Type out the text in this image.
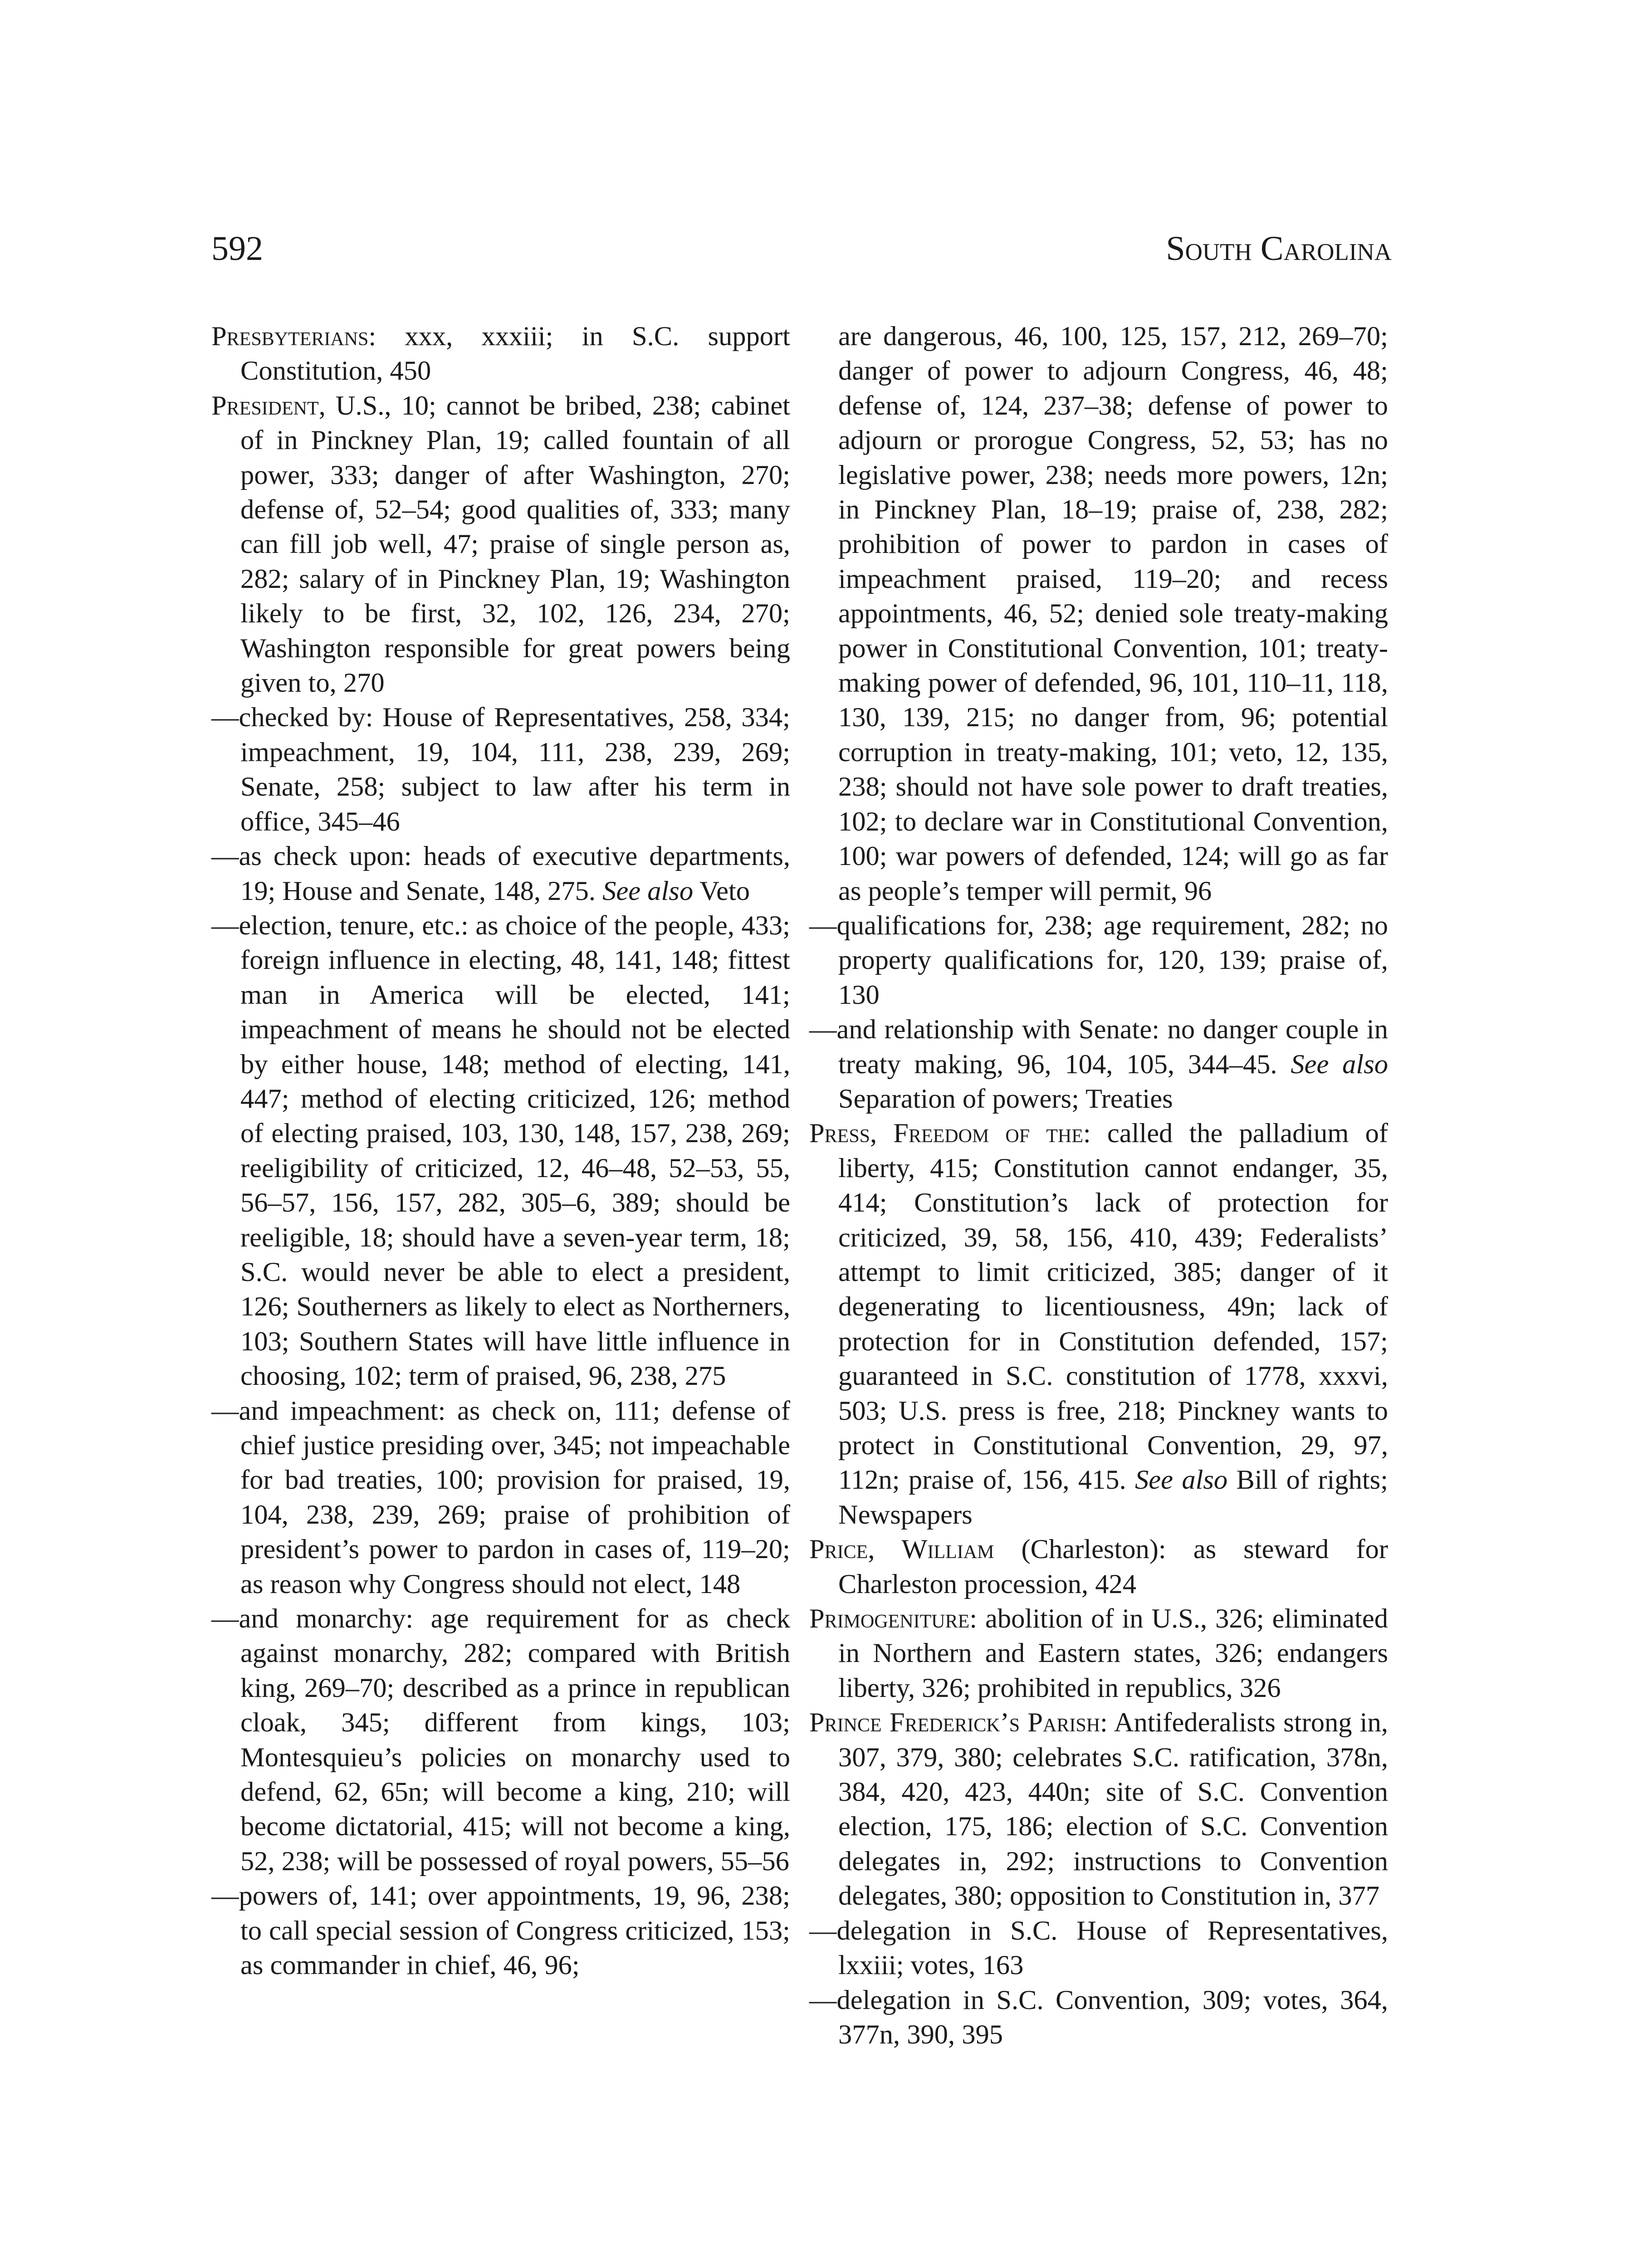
592	South Carolina

Presbyterians: xxx, xxxiii; in S.C. support Constitution, 450

President, U.S., 10; cannot be bribed, 238; cabinet of in Pinckney Plan, 19; called fountain of all power, 333; danger of after Washington, 270; defense of, 52–54; good qualities of, 333; many can fill job well, 47; praise of single person as, 282; salary of in Pinckney Plan, 19; Washington likely to be first, 32, 102, 126, 234, 270; Washington responsible for great powers being given to, 270

—checked by: House of Representatives, 258, 334; impeachment, 19, 104, 111, 238, 239, 269; Senate, 258; subject to law after his term in office, 345–46

—as check upon: heads of executive departments, 19; House and Senate, 148, 275. See also Veto

—election, tenure, etc.: as choice of the people, 433; foreign influence in electing, 48, 141, 148; fittest man in America will be elected, 141; impeachment of means he should not be elected by either house, 148; method of electing, 141, 447; method of electing criticized, 126; method of electing praised, 103, 130, 148, 157, 238, 269; reeligibility of criticized, 12, 46–48, 52–53, 55, 56–57, 156, 157, 282, 305–6, 389; should be reeligible, 18; should have a seven-year term, 18; S.C. would never be able to elect a president, 126; Southerners as likely to elect as Northerners, 103; Southern States will have little influence in choosing, 102; term of praised, 96, 238, 275

—and impeachment: as check on, 111; defense of chief justice presiding over, 345; not impeachable for bad treaties, 100; provision for praised, 19, 104, 238, 239, 269; praise of prohibition of president’s power to pardon in cases of, 119–20; as reason why Congress should not elect, 148

—and monarchy: age requirement for as check against monarchy, 282; compared with British king, 269–70; described as a prince in republican cloak, 345; different from kings, 103; Montesquieu’s policies on monarchy used to defend, 62, 65n; will become a king, 210; will become dictatorial, 415; will not become a king, 52, 238; will be possessed of royal powers, 55–56

—powers of, 141; over appointments, 19, 96, 238; to call special session of Congress criticized, 153; as commander in chief, 46, 96;

are dangerous, 46, 100, 125, 157, 212, 269–70; danger of power to adjourn Congress, 46, 48; defense of, 124, 237–38; defense of power to adjourn or prorogue Congress, 52, 53; has no legislative power, 238; needs more powers, 12n; in Pinckney Plan, 18–19; praise of, 238, 282; prohibition of power to pardon in cases of impeachment praised, 119–20; and recess appointments, 46, 52; denied sole treaty-making power in Constitutional Convention, 101; treaty-making power of defended, 96, 101, 110–11, 118, 130, 139, 215; no danger from, 96; potential corruption in treaty-making, 101; veto, 12, 135, 238; should not have sole power to draft treaties, 102; to declare war in Constitutional Convention, 100; war powers of defended, 124; will go as far as people’s temper will permit, 96

—qualifications for, 238; age requirement, 282; no property qualifications for, 120, 139; praise of, 130

—and relationship with Senate: no danger couple in treaty making, 96, 104, 105, 344–45. See also Separation of powers; Treaties

Press, Freedom of the: called the palladium of liberty, 415; Constitution cannot endanger, 35, 414; Constitution’s lack of protection for criticized, 39, 58, 156, 410, 439; Federalists’ attempt to limit criticized, 385; danger of it degenerating to licentiousness, 49n; lack of protection for in Constitution defended, 157; guaranteed in S.C. constitution of 1778, xxxvi, 503; U.S. press is free, 218; Pinckney wants to protect in Constitutional Convention, 29, 97, 112n; praise of, 156, 415. See also Bill of rights; Newspapers

Price, William (Charleston): as steward for Charleston procession, 424

Primogeniture: abolition of in U.S., 326; eliminated in Northern and Eastern states, 326; endangers liberty, 326; prohibited in republics, 326

Prince Frederick’s Parish: Antifederalists strong in, 307, 379, 380; celebrates S.C. ratification, 378n, 384, 420, 423, 440n; site of S.C. Convention election, 175, 186; election of S.C. Convention delegates in, 292; instructions to Convention delegates, 380; opposition to Constitution in, 377

—delegation in S.C. House of Representatives, lxxiii; votes, 163

—delegation in S.C. Convention, 309; votes, 364, 377n, 390, 395
